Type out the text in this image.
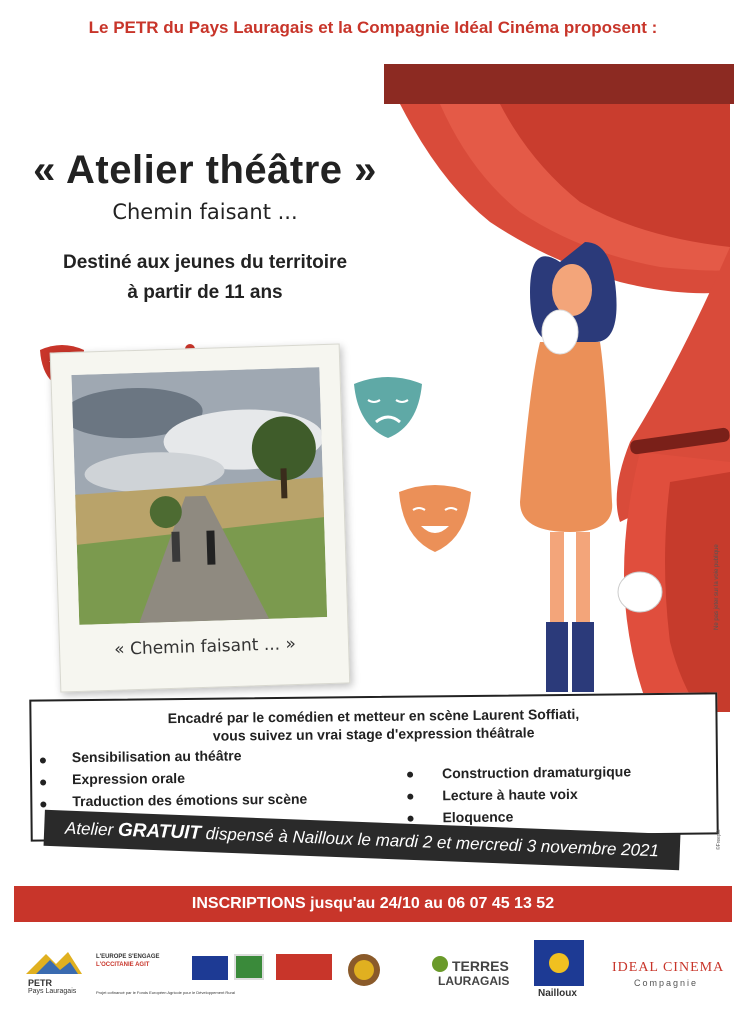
Le PETR du Pays Lauragais et la Compagnie Idéal Cinéma proposent :
« Atelier théâtre »
Chemin faisant ...
Destiné aux jeunes du territoire
à partir de 11 ans
« Chemin faisant ... »
Encadré par le comédien et metteur en scène Laurent Soffiati,
vous suivez un vrai stage d'expression théâtrale
Sensibilisation au théâtre
Expression orale
Traduction des émotions sur scène
Construction dramaturgique
Lecture à haute voix
Eloquence
Atelier GRATUIT dispensé à Nailloux le mardi 2 et mercredi 3 novembre 2021
Ne pas jeter sur la voie publique
©Freepik
INSCRIPTIONS jusqu'au 24/10 au 06 07 45 13 52
PETR
Pays Lauragais
L'EUROPE S'ENGAGE
L'OCCITANIE AGIT
Projet cofinancé par le Fonds Européen Agricole pour le Développement Rural
TERRES
LAURAGAIS
Nailloux
IDEAL CINEMA
Compagnie
